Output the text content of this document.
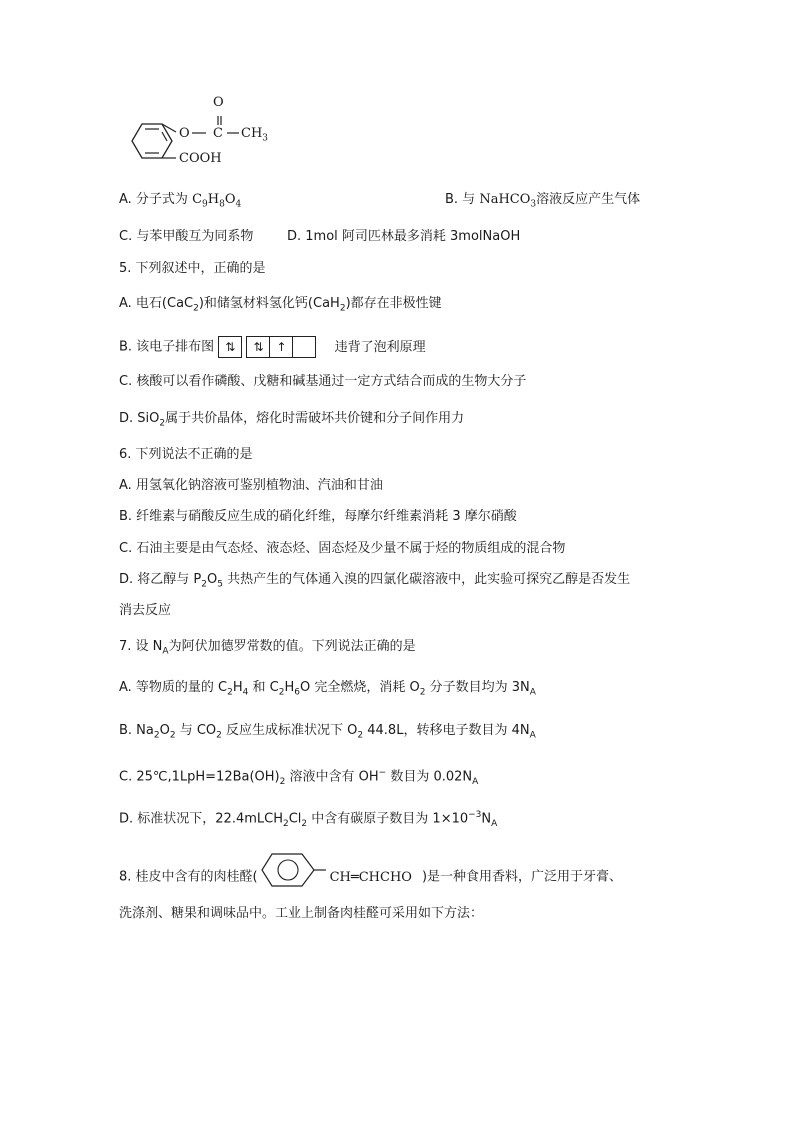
O
O C $CH_3$
COOH
A. 分子式为 $C_9H_8O_4$	B. 与 NaHCO$_3$溶液反应产生气体
C. 与苯甲酸互为同系物	D. 1mol 阿司匹林最多消耗 3molNaOH
5. 下列叙述中，正确的是
A. 电石(CaC$_2$)和储氢材料氢化钙(CaH$_2$)都存在非极性键
B. 该电子排布图 ⇅ ⇅ ↑	违背了泡利原理
C. 核酸可以看作磷酸、戊糖和碱基通过一定方式结合而成的生物大分子
D. SiO$_2$属于共价晶体，熔化时需破坏共价键和分子间作用力
6. 下列说法不正确的是
A. 用氢氧化钠溶液可鉴别植物油、汽油和甘油
B. 纤维素与硝酸反应生成的硝化纤维，每摩尔纤维素消耗 3 摩尔硝酸
C. 石油主要是由气态烃、液态烃、固态烃及少量不属于烃的物质组成的混合物
D. 将乙醇与 $P_2O_5$ 共热产生的气体通入溴的四氯化碳溶液中，此实验可探究乙醇是否发生
消去反应
7. 设 $N_A$为阿伏加德罗常数的值。下列说法正确的是
A. 等物质的量的 $C_2H_4$ 和 $C_2H_6O$ 完全燃烧，消耗 $O_2$ 分子数目均为 $3N_A$
B. $Na_2O_2$ 与 $CO_2$ 反应生成标准状况下 $O_2$ 44.8L，转移电子数目为 $4N_A$
C. $25℃,1LpH=12Ba(OH)_2$ 溶液中含有 OH− 数目为 $0.02N_A$
D. 标准状况下，$22.4mLCH_2Cl_2$ 中含有碳原子数目为 $1\times 10^{-3}N_A$
8. 桂皮中含有的肉桂醛(	CH═CHCHO )是一种食用香料，广泛用于牙膏、
洗涤剂、糖果和调味品中。工业上制备肉桂醛可采用如下方法：
